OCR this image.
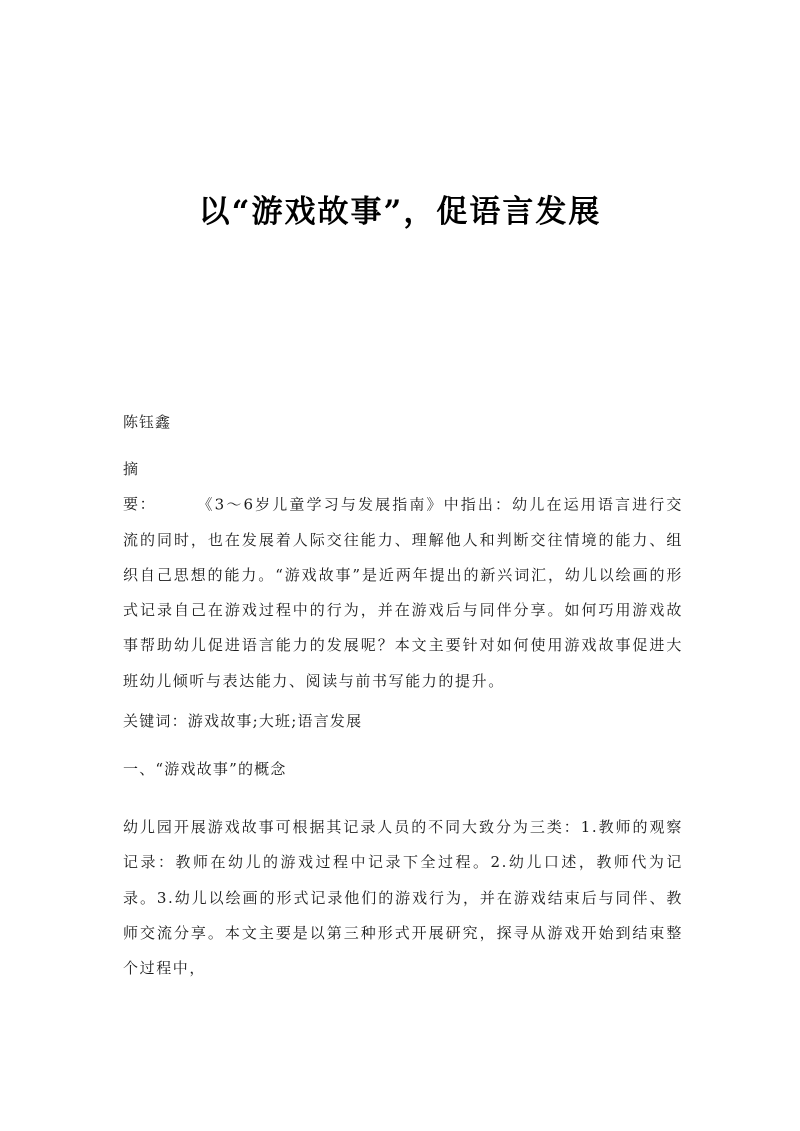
以“游戏故事”，促语言发展

陈钰鑫

摘要：	《3～6岁儿童学习与发展指南》中指出：幼儿在运用语言进行交流的同时，也在发展着人际交往能力、理解他人和判断交往情境的能力、组织自己思想的能力。“游戏故事”是近两年提出的新兴词汇，幼儿以绘画的形式记录自己在游戏过程中的行为，并在游戏后与同伴分享。如何巧用游戏故事帮助幼儿促进语言能力的发展呢？本文主要针对如何使用游戏故事促进大班幼儿倾听与表达能力、阅读与前书写能力的提升。

关键词：游戏故事;大班;语言发展

一、“游戏故事”的概念

幼儿园开展游戏故事可根据其记录人员的不同大致分为三类：1.教师的观察记录：教师在幼儿的游戏过程中记录下全过程。2.幼儿口述，教师代为记录。3.幼儿以绘画的形式记录他们的游戏行为，并在游戏结束后与同伴、教师交流分享。本文主要是以第三种形式开展研究，探寻从游戏开始到结束整个过程中，
